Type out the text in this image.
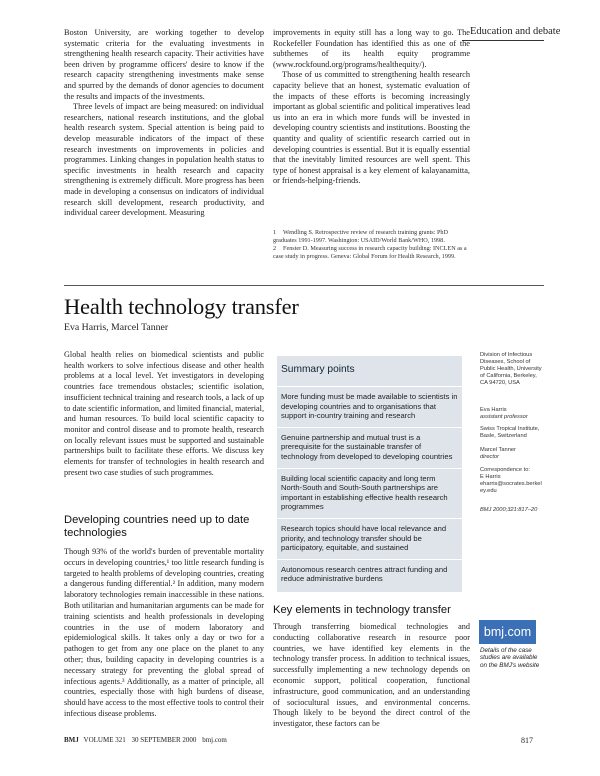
Education and debate

Boston University, are working together to develop systematic criteria for the evaluating investments in strengthening health research capacity. Their activities have been driven by programme officers' desire to know if the research capacity strengthening investments make sense and spurred by the demands of donor agencies to document the results and impacts of the investments.

Three levels of impact are being measured: on individual researchers, national research institutions, and the global health research system. Special attention is being paid to develop measurable indicators of the impact of these research investments on improvements in policies and programmes. Linking changes in population health status to specific investments in health research and capacity strengthening is extremely difficult. More progress has been made in developing a consensus on indicators of individual research skill development, research productivity, and individual career development. Measuring

improvements in equity still has a long way to go. The Rockefeller Foundation has identified this as one of the subthemes of its health equity programme (www.rockfound.org/programs/healthequity/).

Those of us committed to strengthening health research capacity believe that an honest, systematic evaluation of the impacts of these efforts is becoming increasingly important as global scientific and political imperatives lead us into an era in which more funds will be invested in developing country scientists and institutions. Boosting the quantity and quality of scientific research carried out in developing countries is essential. But it is equally essential that the inevitably limited resources are well spent. This type of honest appraisal is a key element of kalayanamitta, or friends-helping-friends.

1 Wendling S. Retrospective review of research training grants: PhD graduates 1991-1997. Washington: USAID/World Bank/WHO, 1998.
2 Fenster D. Measuring success in research capacity building: INCLEN as a case study in progress. Geneva: Global Forum for Health Research, 1999.
Health technology transfer
Eva Harris, Marcel Tanner

Global health relies on biomedical scientists and public health workers to solve infectious disease and other health problems at a local level. Yet investigators in developing countries face tremendous obstacles; scientific isolation, insufficient technical training and research tools, a lack of up to date scientific information, and limited financial, material, and human resources. To build local scientific capacity to monitor and control disease and to promote health, research on locally relevant issues must be supported and sustainable partnerships built to facilitate these efforts. We discuss key elements for transfer of technologies in health research and present two case studies of such programmes.

Developing countries need up to date technologies

Though 93% of the world's burden of preventable mortality occurs in developing countries,¹ too little research funding is targeted to health problems of developing countries, creating a dangerous funding differential.² In addition, many modern laboratory technologies remain inaccessible in these nations. Both utilitarian and humanitarian arguments can be made for training scientists and health professionals in developing countries in the use of modern laboratory and epidemiological skills. It takes only a day or two for a pathogen to get from any one place on the planet to any other; thus, building capacity in developing countries is a necessary strategy for preventing the global spread of infectious agents.³ Additionally, as a matter of principle, all countries, especially those with high burdens of disease, should have access to the most effective tools to control their infectious disease problems.

Summary points
More funding must be made available to scientists in developing countries and to organisations that support in-country training and research
Genuine partnership and mutual trust is a prerequisite for the sustainable transfer of technology from developed to developing countries
Building local scientific capacity and long term North-South and South-South partnerships are important in establishing effective health research programmes
Research topics should have local relevance and priority, and technology transfer should be participatory, equitable, and sustained
Autonomous research centres attract funding and reduce administrative burdens
Division of Infectious Diseases, School of Public Health, University of California, Berkeley, CA 94720, USA
Eva Harris
assistant professor
Swiss Tropical Institute, Basle, Switzerland
Marcel Tanner
director
Correspondence to:
E Harris
eharris@socrates.berkeley.edu
BMJ 2000;321:817–20
Key elements in technology transfer

Through transferring biomedical technologies and conducting collaborative research in resource poor countries, we have identified key elements in the technology transfer process. In addition to technical issues, successfully implementing a new technology depends on economic support, political cooperation, functional infrastructure, good communication, and an understanding of sociocultural issues, and environmental concerns. Though likely to be beyond the direct control of the investigator, these factors can be

bmj.com
Details of the case studies are available on the BMJ's website
BMJ VOLUME 321 30 SEPTEMBER 2000 bmj.com	817
